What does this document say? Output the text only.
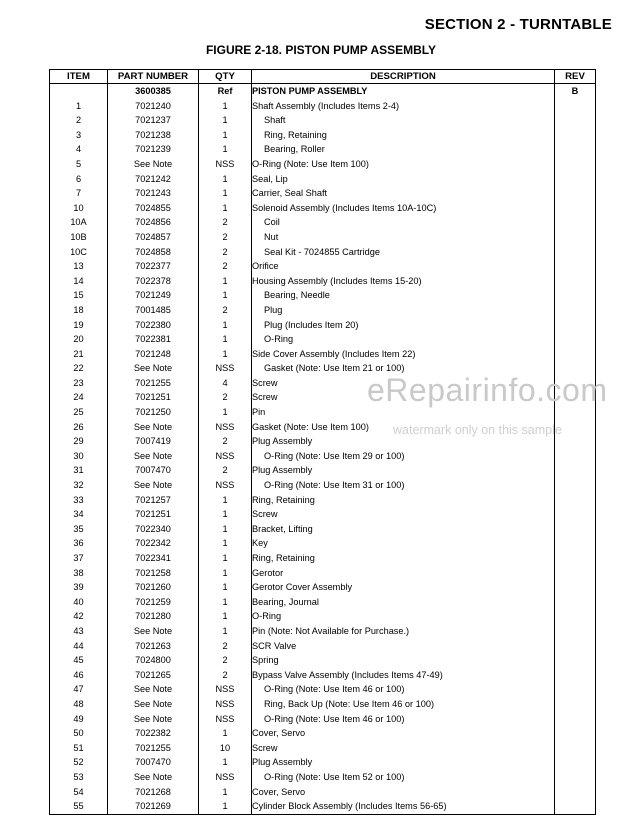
SECTION 2 - TURNTABLE
FIGURE 2-18. PISTON PUMP ASSEMBLY
ITEM	PART NUMBER	QTY	DESCRIPTION	REV
	3600385	Ref	PISTON PUMP ASSEMBLY	B
1	7021240	1	Shaft Assembly (Includes Items 2-4)	
2	7021237	1	Shaft	
3	7021238	1	Ring, Retaining	
4	7021239	1	Bearing, Roller	
5	See Note	NSS	O-Ring (Note: Use Item 100)	
6	7021242	1	Seal, Lip	
7	7021243	1	Carrier, Seal Shaft	
10	7024855	1	Solenoid Assembly (Includes Items 10A-10C)	
10A	7024856	2	Coil	
10B	7024857	2	Nut	
10C	7024858	2	Seal Kit - 7024855 Cartridge	
13	7022377	2	Orifice	
14	7022378	1	Housing Assembly (Includes Items 15-20)	
15	7021249	1	Bearing, Needle	
18	7001485	2	Plug	
19	7022380	1	Plug (Includes Item 20)	
20	7022381	1	O-Ring	
21	7021248	1	Side Cover Assembly (Includes Item 22)	
22	See Note	NSS	Gasket (Note: Use Item 21 or 100)	
23	7021255	4	Screw	
24	7021251	2	Screw	
25	7021250	1	Pin	
26	See Note	NSS	Gasket (Note: Use Item 100)	
29	7007419	2	Plug Assembly	
30	See Note	NSS	O-Ring (Note: Use Item 29 or 100)	
31	7007470	2	Plug Assembly	
32	See Note	NSS	O-Ring (Note: Use Item 31 or 100)	
33	7021257	1	Ring, Retaining	
34	7021251	1	Screw	
35	7022340	1	Bracket, Lifting	
36	7022342	1	Key	
37	7022341	1	Ring, Retaining	
38	7021258	1	Gerotor	
39	7021260	1	Gerotor Cover Assembly	
40	7021259	1	Bearing, Journal	
42	7021280	1	O-Ring	
43	See Note	1	Pin (Note: Not Available for Purchase.)	
44	7021263	2	SCR Valve	
45	7024800	2	Spring	
46	7021265	2	Bypass Valve Assembly (Includes Items 47-49)	
47	See Note	NSS	O-Ring (Note: Use Item 46 or 100)	
48	See Note	NSS	Ring, Back Up (Note: Use Item 46 or 100)	
49	See Note	NSS	O-Ring (Note: Use Item 46 or 100)	
50	7022382	1	Cover, Servo	
51	7021255	10	Screw	
52	7007470	1	Plug Assembly	
53	See Note	NSS	O-Ring (Note: Use Item 52 or 100)	
54	7021268	1	Cover, Servo	
55	7021269	1	Cylinder Block Assembly (Includes Items 56-65)	
eRepairinfo.com
watermark only on this sample
